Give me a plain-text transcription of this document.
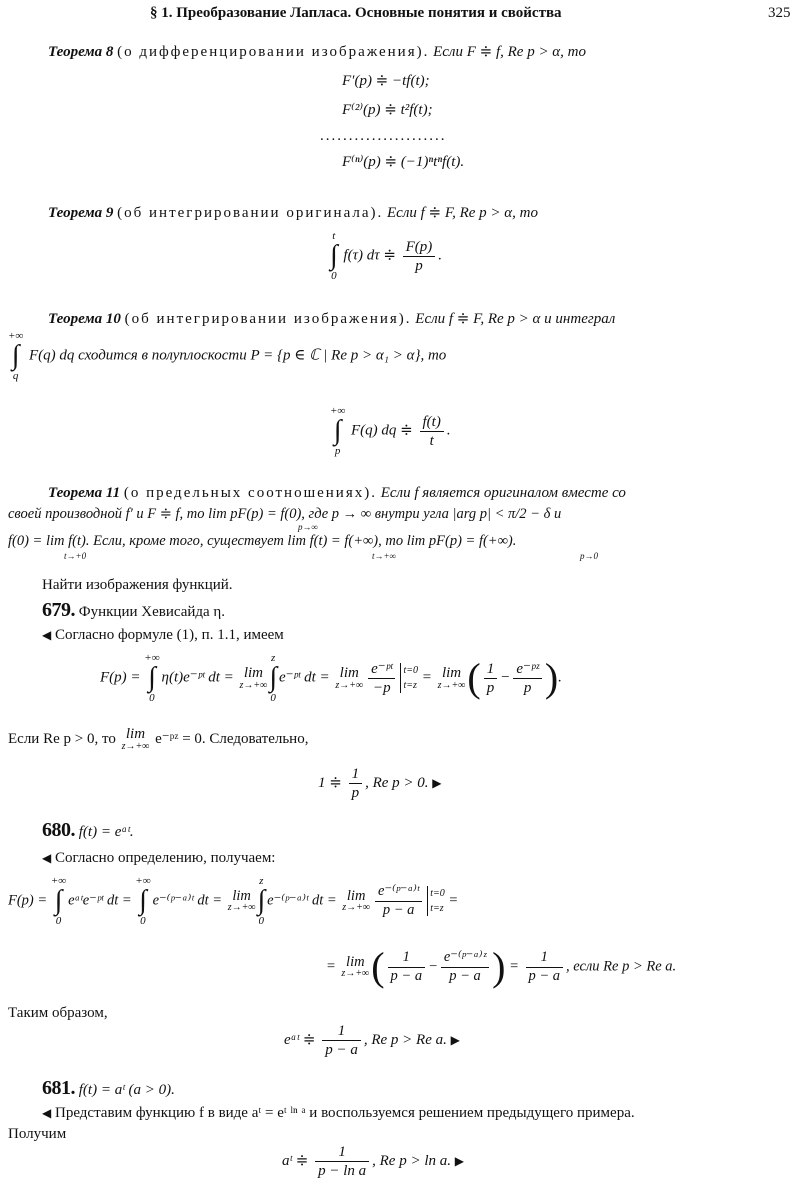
§ 1. Преобразование Лапласа. Основные понятия и свойства	325
Теорема 8 (о дифференцировании изображения). Если F ≑ f, Re p > α, то
F′(p) ≑ −tf(t);
F⁽²⁾(p) ≑ t²f(t);
......................
F⁽ⁿ⁾(p) ≑ (−1)ⁿtⁿf(t).
Теорема 9 (об интегрировании оригинала). Если f ≑ F, Re p > α, то
t
∫
0 f(τ) dτ ≑ $\frac{F(p)}{p}$ .
Теорема 10 (об интегрировании изображения). Если f ≑ F, Re p > α и интеграл
+∞
∫
q F(q) dq сходится в полуплоскости P = {p ∈ ℂ | Re p > α₁ > α}, то
+∞
∫
p F(q) dq ≑ $\frac{f(t)}{t}$ .
Теорема 11 (о предельных соотношениях). Если f является оригиналом вместе со
своей производной f′ и F ≑ f, то lim pF(p) = f(0), где p → ∞ внутри угла |arg p| < π/2 − δ и
p→∞
f(0) = lim f(t). Если, кроме того, существует lim f(t) = f(+∞), то lim pF(p) = f(+∞).
t→+0	t→+∞	p→0
Найти изображения функций.
679. Функции Хевисайда η.
◀ Согласно формуле (1), п. 1.1, имеем
F(p) = +∞
∫
0η(t)e⁻ᵖᵗ dt = lim
z→+∞
z
∫
0e⁻ᵖᵗ dt = lim
$z\to+\infty \frac{\text{e⁻ᵖᵗ}}{-p} t=0$
t=z
= lim
z→+∞ ( $\frac{1}{p} - \frac{\text{e⁻ᵖᶻ}}{p}$ ).
Если Re p > 0, то lim
z→+∞ e⁻ᵖᶻ = 0. Следовательно,
1 ≑ $\frac{1}{p}$ , Re p > 0. ▶
680. f(t) = eᵃᵗ.
◀ Согласно определению, получаем:
F(p) = +∞
∫
0eᵃᵗe⁻ᵖᵗ dt = +∞
∫
0e⁻⁽ᵖ⁻ᵃ⁾ᵗ dt = lim
z→+∞
z
∫
0e⁻⁽ᵖ⁻ᵃ⁾ᵗ dt = lim
$z\to+\infty \frac{\text{e⁻⁽ᵖ⁻ᵃ⁾ᵗ}}{p - a} t=0$
t=z
=
= lim
z→+∞ ( $\frac{1}{p - a} - \frac{\text{e⁻⁽ᵖ⁻ᵃ⁾ᶻ}}{p - a}$ ) = $\frac{1}{p - a}$ , если Re p > Re a.
Таким образом,
eᵃᵗ ≑ $\frac{1}{p - a}$ , Re p > Re a. ▶
681. f(t) = aᵗ (a > 0).
◀ Представим функцию f в виде aᵗ = eᵗ ˡⁿ ᵃ и воспользуемся решением предыдущего примера.
Получим
aᵗ ≑ $\frac{1}{\text{p − ln a}}$ , Re p > ln a. ▶
